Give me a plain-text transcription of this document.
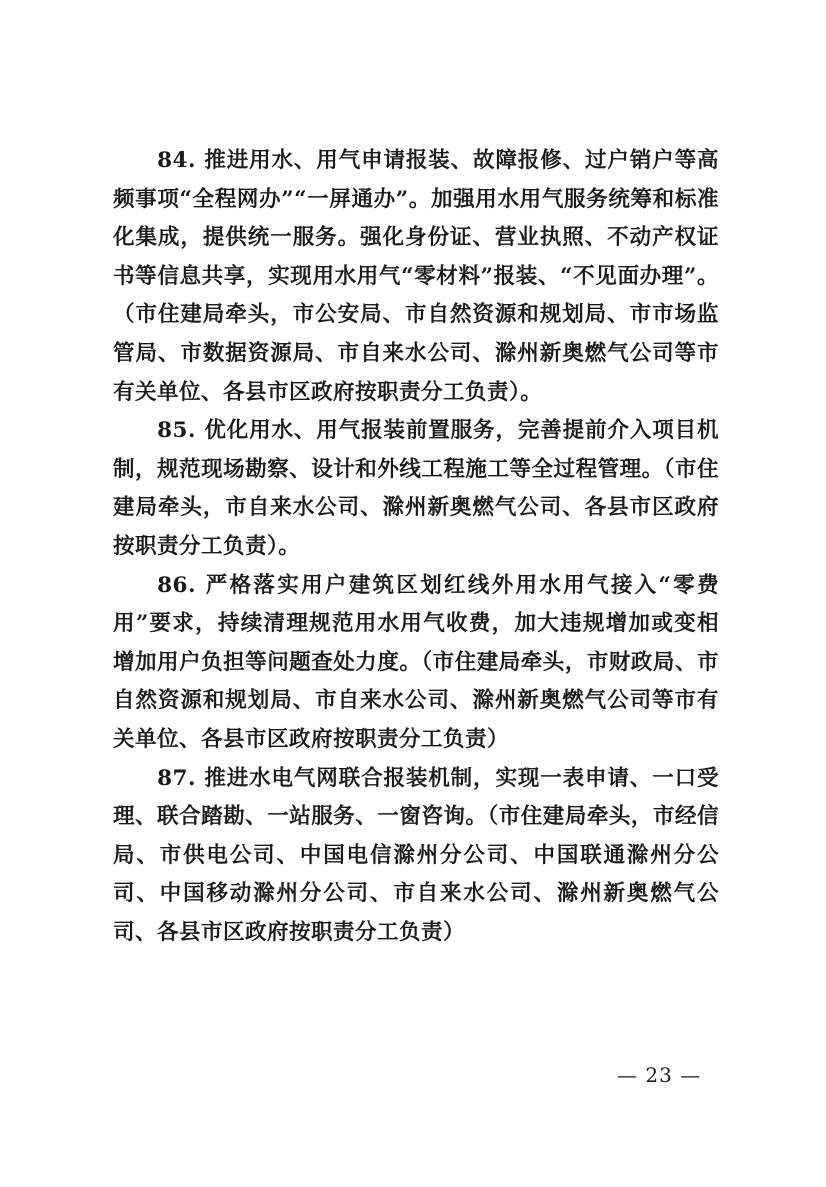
84. 推进用水、用气申请报装、故障报修、过户销户等高频事项“全程网办”“一屏通办”。加强用水用气服务统筹和标准化集成，提供统一服务。强化身份证、营业执照、不动产权证书等信息共享，实现用水用气“零材料”报装、“不见面办理”。（市住建局牵头，市公安局、市自然资源和规划局、市市场监管局、市数据资源局、市自来水公司、滁州新奥燃气公司等市有关单位、各县市区政府按职责分工负责）。

85. 优化用水、用气报装前置服务，完善提前介入项目机制，规范现场勘察、设计和外线工程施工等全过程管理。（市住建局牵头，市自来水公司、滁州新奥燃气公司、各县市区政府按职责分工负责）。

86. 严格落实用户建筑区划红线外用水用气接入“零费用”要求，持续清理规范用水用气收费，加大违规增加或变相增加用户负担等问题查处力度。（市住建局牵头，市财政局、市自然资源和规划局、市自来水公司、滁州新奥燃气公司等市有关单位、各县市区政府按职责分工负责）

87. 推进水电气网联合报装机制，实现一表申请、一口受理、联合踏勘、一站服务、一窗咨询。（市住建局牵头，市经信局、市供电公司、中国电信滁州分公司、中国联通滁州分公司、中国移动滁州分公司、市自来水公司、滁州新奥燃气公司、各县市区政府按职责分工负责）

— 23 —
